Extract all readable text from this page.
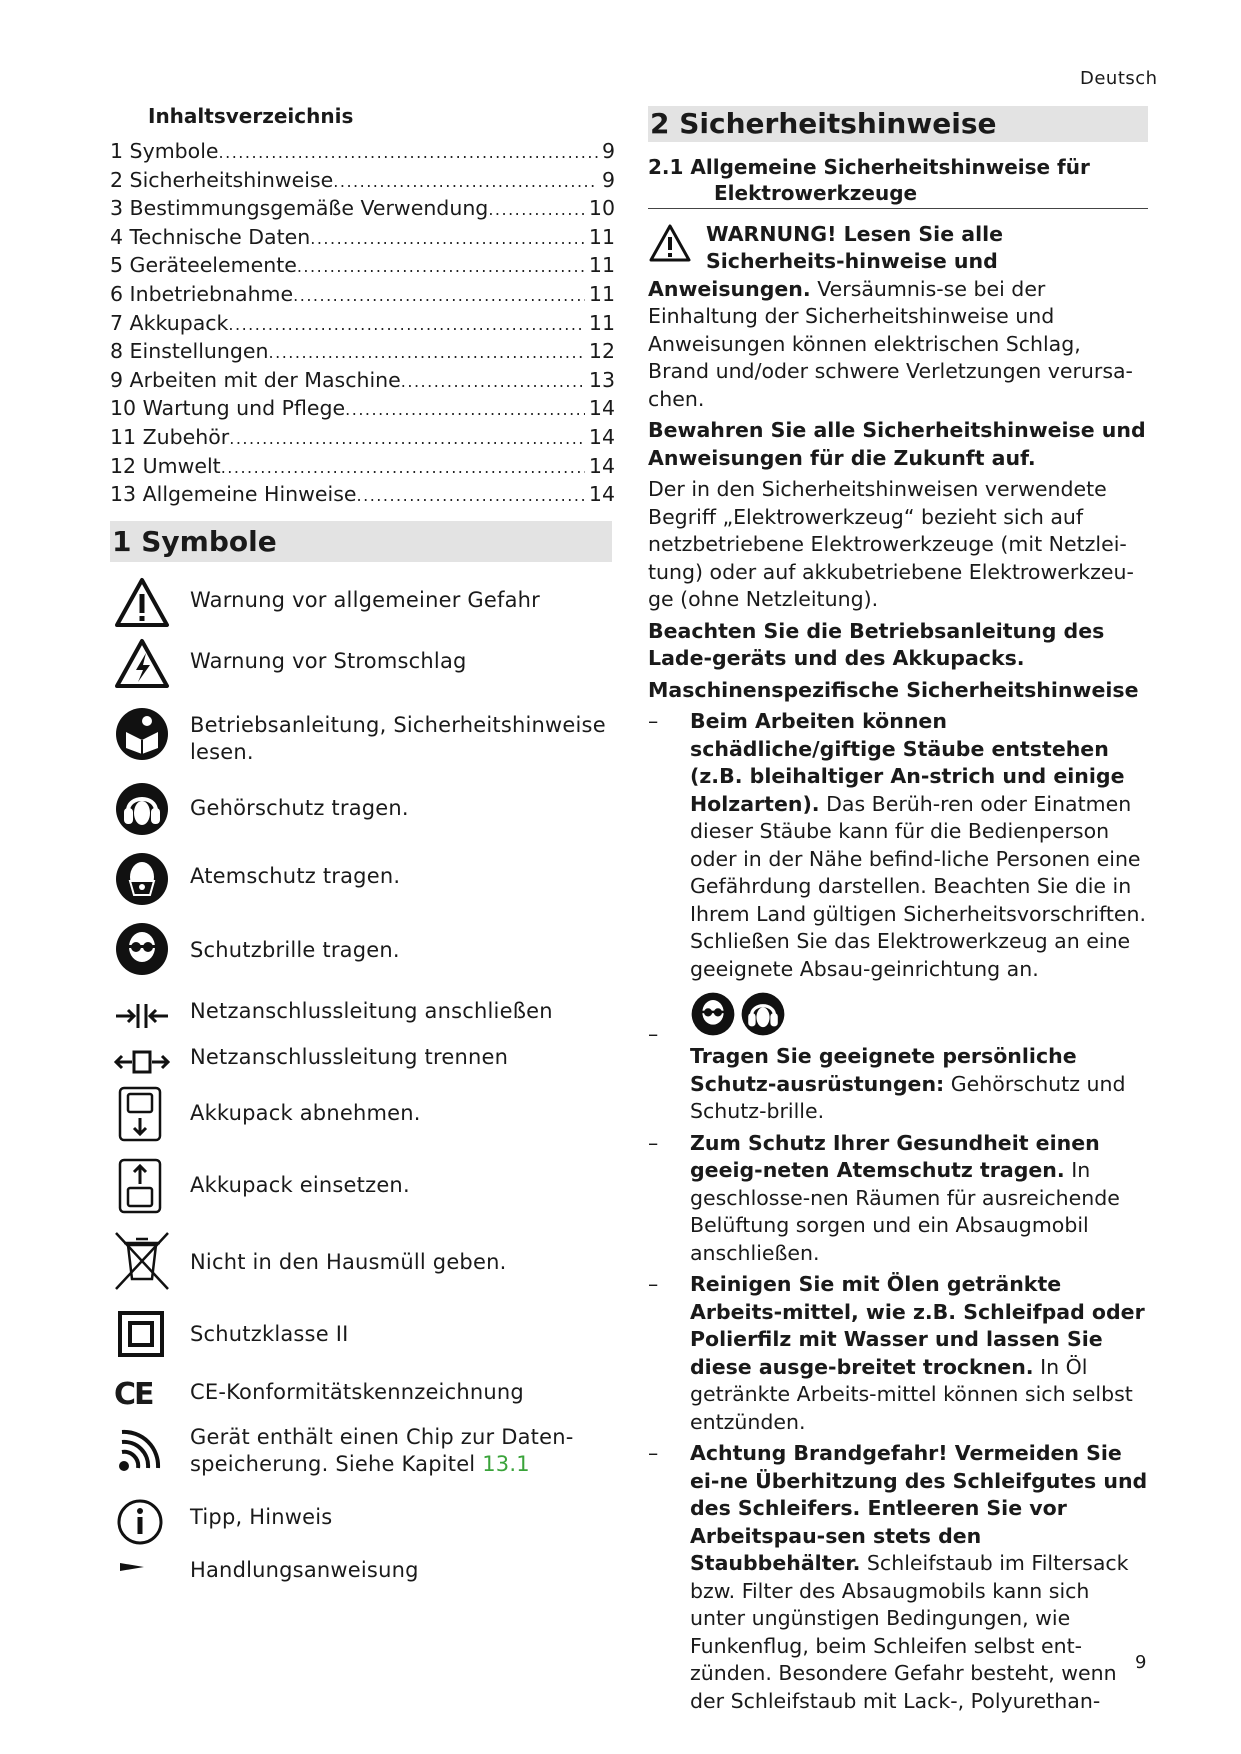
Deutsch
Inhaltsverzeichnis
1 Symbole .....	9
2 Sicherheitshinweise .....	9
3 Bestimmungsgemäße Verwendung .....	10
4 Technische Daten .....	11
5 Geräteelemente .....	11
6 Inbetriebnahme .....	11
7 Akkupack .....	11
8 Einstellungen .....	12
9 Arbeiten mit der Maschine .....	13
10 Wartung und Pflege .....	14
11 Zubehör .....	14
12 Umwelt .....	14
13 Allgemeine Hinweise .....	14
1 Symbole
Warnung vor allgemeiner Gefahr
Warnung vor Stromschlag
Betriebsanleitung, Sicherheitshinweise lesen.
Gehörschutz tragen.
Atemschutz tragen.
Schutzbrille tragen.
Netzanschlussleitung anschließen
Netzanschlussleitung trennen
Akkupack abnehmen.
Akkupack einsetzen.
Nicht in den Hausmüll geben.
Schutzklasse II
CE	CE-Konformitätskennzeichnung
Gerät enthält einen Chip zur Daten-speicherung. Siehe Kapitel 13.1
Tipp, Hinweis
Handlungsanweisung
2 Sicherheitshinweise
2.1 Allgemeine Sicherheitshinweise für
Elektrowerkzeuge
WARNUNG! Lesen Sie alle Sicherheits-hinweise und Anweisungen. Versäumnis-se bei der Einhaltung der Sicherheitshinweise und Anweisungen können elektrischen Schlag, Brand und/oder schwere Verletzungen verursa-chen.
Bewahren Sie alle Sicherheitshinweise und Anweisungen für die Zukunft auf.
Der in den Sicherheitshinweisen verwendete Begriff „Elektrowerkzeug“ bezieht sich auf netzbetriebene Elektrowerkzeuge (mit Netzlei-tung) oder auf akkubetriebene Elektrowerkzeu-ge (ohne Netzleitung).
Beachten Sie die Betriebsanleitung des Lade-geräts und des Akkupacks.
Maschinenspezifische Sicherheitshinweise
– Beim Arbeiten können schädliche/giftige Stäube entstehen (z.B. bleihaltiger An-strich und einige Holzarten). Das Berüh-ren oder Einatmen dieser Stäube kann für die Bedienperson oder in der Nähe befind-liche Personen eine Gefährdung darstellen. Beachten Sie die in Ihrem Land gültigen Sicherheitsvorschriften. Schließen Sie das Elektrowerkzeug an eine geeignete Absau-geinrichtung an.
–
Tragen Sie geeignete persönliche Schutz-ausrüstungen: Gehörschutz und Schutz-brille.
– Zum Schutz Ihrer Gesundheit einen geeig-neten Atemschutz tragen. In geschlosse-nen Räumen für ausreichende Belüftung sorgen und ein Absaugmobil anschließen.
– Reinigen Sie mit Ölen getränkte Arbeits-mittel, wie z.B. Schleifpad oder Polierfilz mit Wasser und lassen Sie diese ausge-breitet trocknen. In Öl getränkte Arbeits-mittel können sich selbst entzünden.
– Achtung Brandgefahr! Vermeiden Sie ei-ne Überhitzung des Schleifgutes und des Schleifers. Entleeren Sie vor Arbeitspau-sen stets den Staubbehälter. Schleifstaub im Filtersack bzw. Filter des Absaugmobils kann sich unter ungünstigen Bedingungen, wie Funkenflug, beim Schleifen selbst ent-zünden. Besondere Gefahr besteht, wenn der Schleifstaub mit Lack-, Polyurethan-
9
